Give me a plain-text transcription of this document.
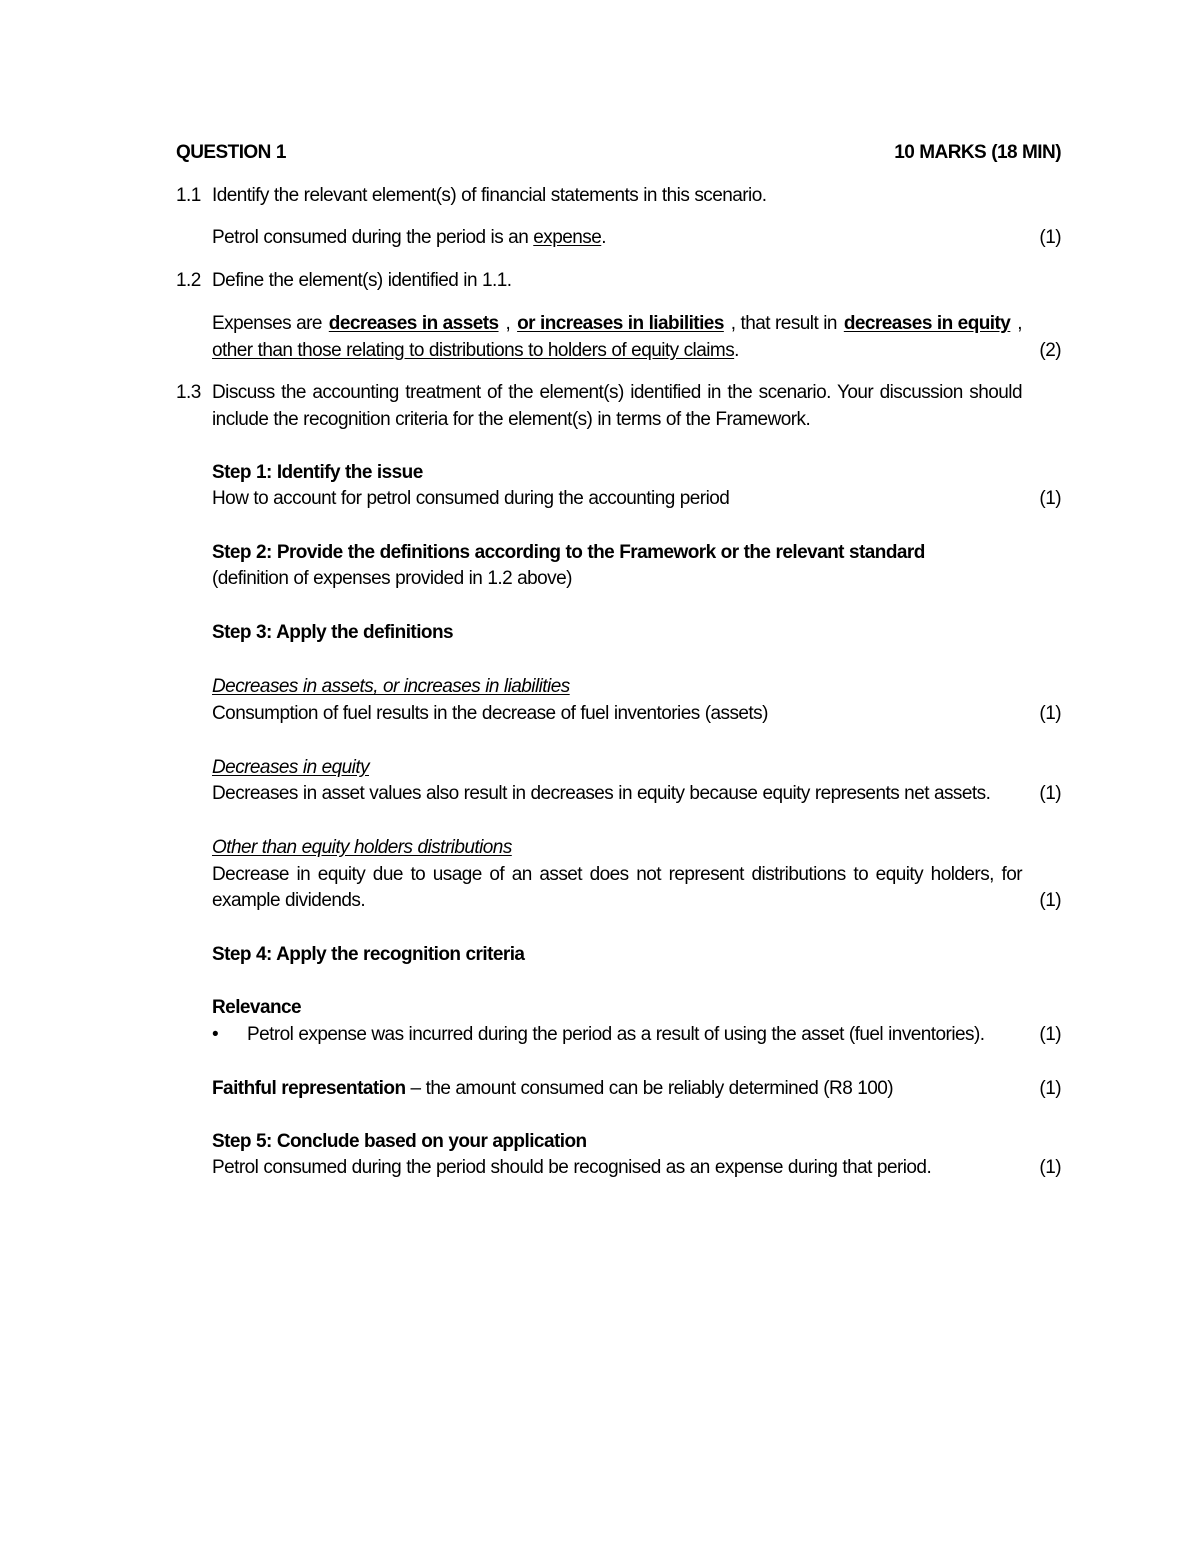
QUESTION 1	10 MARKS (18 MIN)
1.1 Identify the relevant element(s) of financial statements in this scenario.
Petrol consumed during the period is an expense.	(1)
1.2 Define the element(s) identified in 1.1.
Expenses are decreases in assets , or increases in liabilities , that result in decreases in equity ,
other than those relating to distributions to holders of equity claims.	(2)
1.3 Discuss the accounting treatment of the element(s) identified in the scenario. Your discussion should
include the recognition criteria for the element(s) in terms of the Framework.
Step 1: Identify the issue
How to account for petrol consumed during the accounting period	(1)
Step 2: Provide the definitions according to the Framework or the relevant standard
(definition of expenses provided in 1.2 above)
Step 3: Apply the definitions
Decreases in assets, or increases in liabilities
Consumption of fuel results in the decrease of fuel inventories (assets)	(1)
Decreases in equity
Decreases in asset values also result in decreases in equity because equity represents net assets.	(1)
Other than equity holders distributions
Decrease in equity due to usage of an asset does not represent distributions to equity holders, for
example dividends.	(1)
Step 4: Apply the recognition criteria
Relevance
• Petrol expense was incurred during the period as a result of using the asset (fuel inventories).	(1)
Faithful representation – the amount consumed can be reliably determined (R8 100)	(1)
Step 5: Conclude based on your application
Petrol consumed during the period should be recognised as an expense during that period.	(1)
